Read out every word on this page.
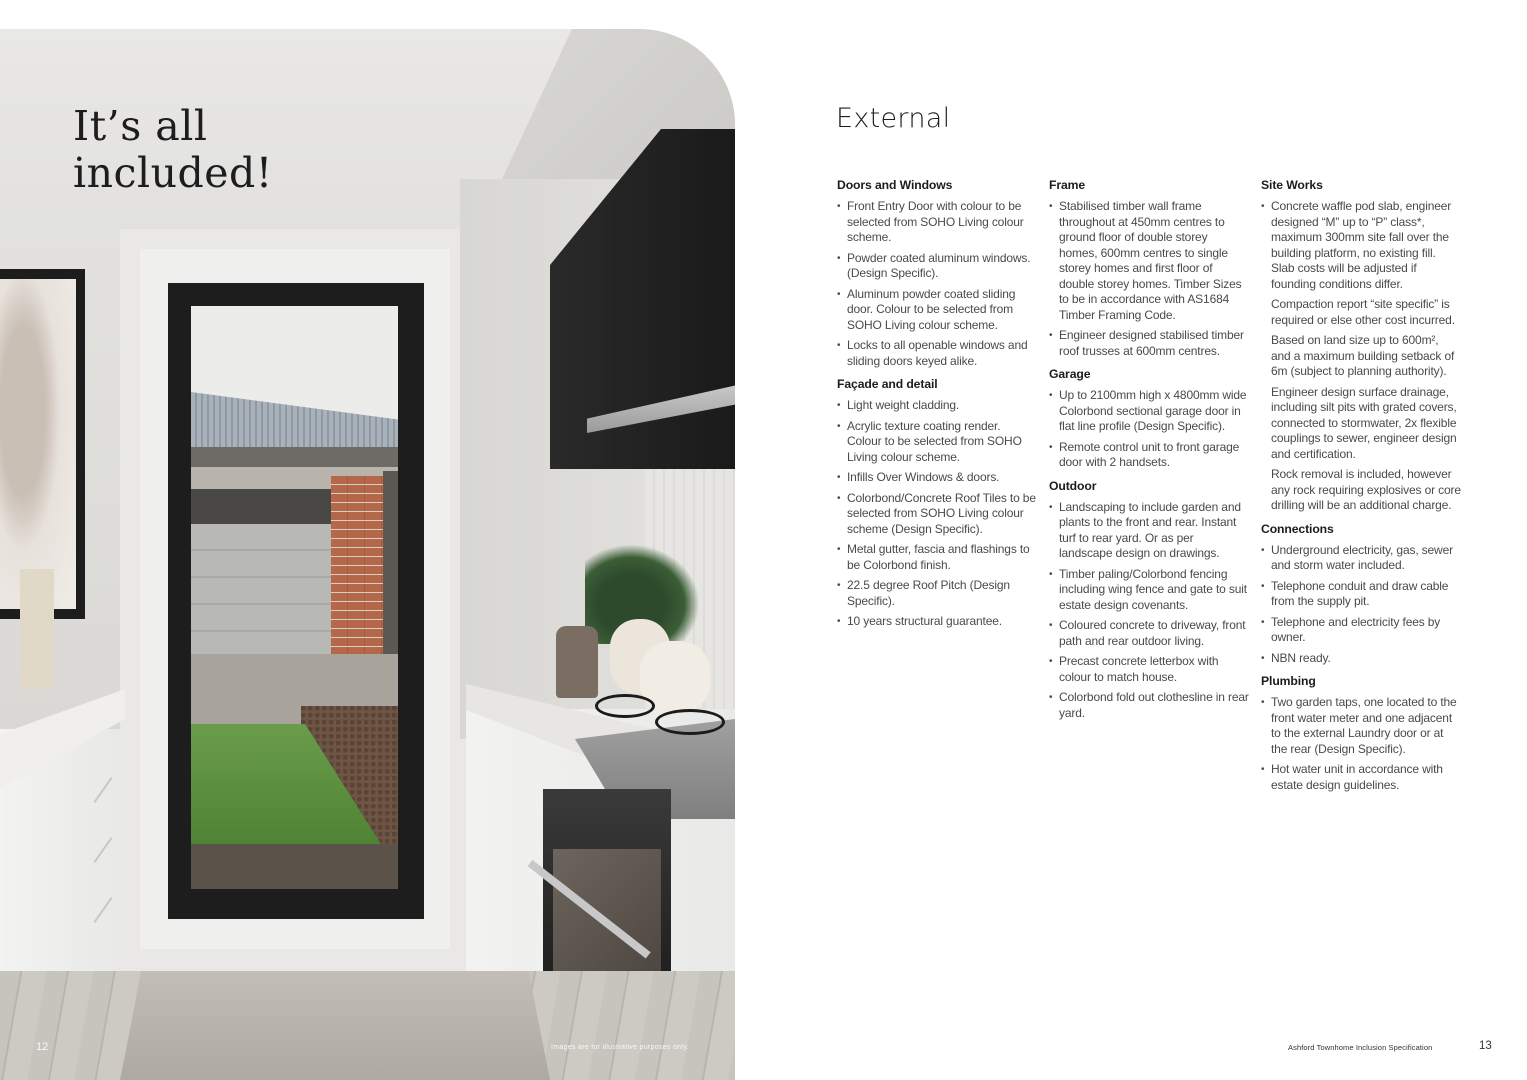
It’s all
included!
12	Images are for illustrative purposes only.
External
Doors and Windows
• Front Entry Door with colour to be selected from SOHO Living colour scheme.
• Powder coated aluminum windows. (Design Specific).
• Aluminum powder coated sliding door. Colour to be selected from SOHO Living colour scheme.
• Locks to all openable windows and sliding doors keyed alike.
Façade and detail
• Light weight cladding.
• Acrylic texture coating render. Colour to be selected from SOHO Living colour scheme.
• Infills Over Windows & doors.
• Colorbond/Concrete Roof Tiles to be selected from SOHO Living colour scheme (Design Specific).
• Metal gutter, fascia and flashings to be Colorbond finish.
• 22.5 degree Roof Pitch (Design Specific).
• 10 years structural guarantee.
Frame
• Stabilised timber wall frame throughout at 450mm centres to ground floor of double storey homes, 600mm centres to single storey homes and first floor of double storey homes. Timber Sizes to be in accordance with AS1684 Timber Framing Code.
• Engineer designed stabilised timber roof trusses at 600mm centres.
Garage
• Up to 2100mm high x 4800mm wide Colorbond sectional garage door in flat line profile (Design Specific).
• Remote control unit to front garage door with 2 handsets.
Outdoor
• Landscaping to include garden and plants to the front and rear. Instant turf to rear yard. Or as per landscape design on drawings.
• Timber paling/Colorbond fencing including wing fence and gate to suit estate design covenants.
• Coloured concrete to driveway, front path and rear outdoor living.
• Precast concrete letterbox with colour to match house.
• Colorbond fold out clothesline in rear yard.
Site Works
• Concrete waffle pod slab, engineer designed “M” up to “P” class*, maximum 300mm site fall over the building platform, no existing fill. Slab costs will be adjusted if founding conditions differ.
Compaction report “site specific” is required or else other cost incurred.
Based on land size up to 600m², and a maximum building setback of 6m (subject to planning authority).
Engineer design surface drainage, including silt pits with grated covers, connected to stormwater, 2x flexible couplings to sewer, engineer design and certification.
Rock removal is included, however any rock requiring explosives or core drilling will be an additional charge.
Connections
• Underground electricity, gas, sewer and storm water included.
• Telephone conduit and draw cable from the supply pit.
• Telephone and electricity fees by owner.
• NBN ready.
Plumbing
• Two garden taps, one located to the front water meter and one adjacent to the external Laundry door or at the rear (Design Specific).
• Hot water unit in accordance with estate design guidelines.
Ashford Townhome Inclusion Specification	13
